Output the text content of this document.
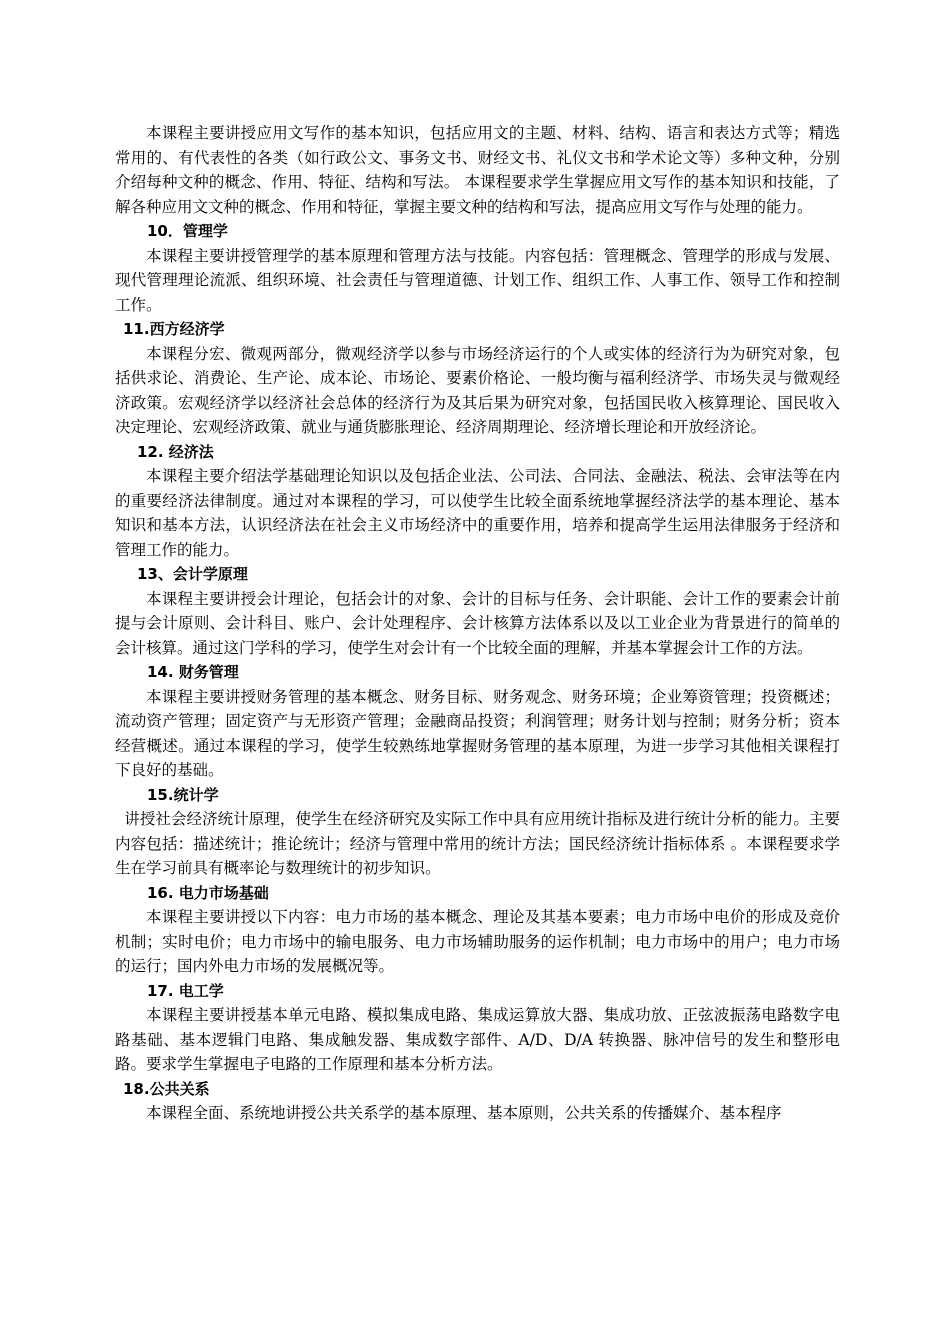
本课程主要讲授应用文写作的基本知识，包括应用文的主题、材料、结构、语言和表达方式等；精选常用的、有代表性的各类（如行政公文、事务文书、财经文书、礼仪文书和学术论文等）多种文种，分别介绍每种文种的概念、作用、特征、结构和写法。 本课程要求学生掌握应用文写作的基本知识和技能，了解各种应用文文种的概念、作用和特征，掌握主要文种的结构和写法，提高应用文写作与处理的能力。

10．管理学

本课程主要讲授管理学的基本原理和管理方法与技能。内容包括：管理概念、管理学的形成与发展、现代管理理论流派、组织环境、社会责任与管理道德、计划工作、组织工作、人事工作、领导工作和控制工作。

11.西方经济学

本课程分宏、微观两部分，微观经济学以参与市场经济运行的个人或实体的经济行为为研究对象，包括供求论、消费论、生产论、成本论、市场论、要素价格论、一般均衡与福利经济学、市场失灵与微观经济政策。宏观经济学以经济社会总体的经济行为及其后果为研究对象，包括国民收入核算理论、国民收入决定理论、宏观经济政策、就业与通货膨胀理论、经济周期理论、经济增长理论和开放经济论。

12. 经济法

本课程主要介绍法学基础理论知识以及包括企业法、公司法、合同法、金融法、税法、会审法等在内的重要经济法律制度。通过对本课程的学习，可以使学生比较全面系统地掌握经济法学的基本理论、基本知识和基本方法，认识经济法在社会主义市场经济中的重要作用，培养和提高学生运用法律服务于经济和管理工作的能力。

13、会计学原理

本课程主要讲授会计理论，包括会计的对象、会计的目标与任务、会计职能、会计工作的要素会计前提与会计原则、会计科目、账户、会计处理程序、会计核算方法体系以及以工业企业为背景进行的简单的会计核算。通过这门学科的学习，使学生对会计有一个比较全面的理解，并基本掌握会计工作的方法。

14. 财务管理

本课程主要讲授财务管理的基本概念、财务目标、财务观念、财务环境；企业筹资管理；投资概述；流动资产管理；固定资产与无形资产管理；金融商品投资；利润管理；财务计划与控制；财务分析；资本经营概述。通过本课程的学习，使学生较熟练地掌握财务管理的基本原理，为进一步学习其他相关课程打下良好的基础。

15.统计学

讲授社会经济统计原理，使学生在经济研究及实际工作中具有应用统计指标及进行统计分析的能力。主要内容包括：描述统计；推论统计；经济与管理中常用的统计方法；国民经济统计指标体系 。本课程要求学生在学习前具有概率论与数理统计的初步知识。

16. 电力市场基础

本课程主要讲授以下内容：电力市场的基本概念、理论及其基本要素；电力市场中电价的形成及竞价机制；实时电价；电力市场中的输电服务、电力市场辅助服务的运作机制；电力市场中的用户；电力市场的运行；国内外电力市场的发展概况等。

17. 电工学

本课程主要讲授基本单元电路、模拟集成电路、集成运算放大器、集成功放、正弦波振荡电路数字电路基础、基本逻辑门电路、集成触发器、集成数字部件、A/D、D/A 转换器、脉冲信号的发生和整形电路。要求学生掌握电子电路的工作原理和基本分析方法。

18.公共关系

本课程全面、系统地讲授公共关系学的基本原理、基本原则，公共关系的传播媒介、基本程序
